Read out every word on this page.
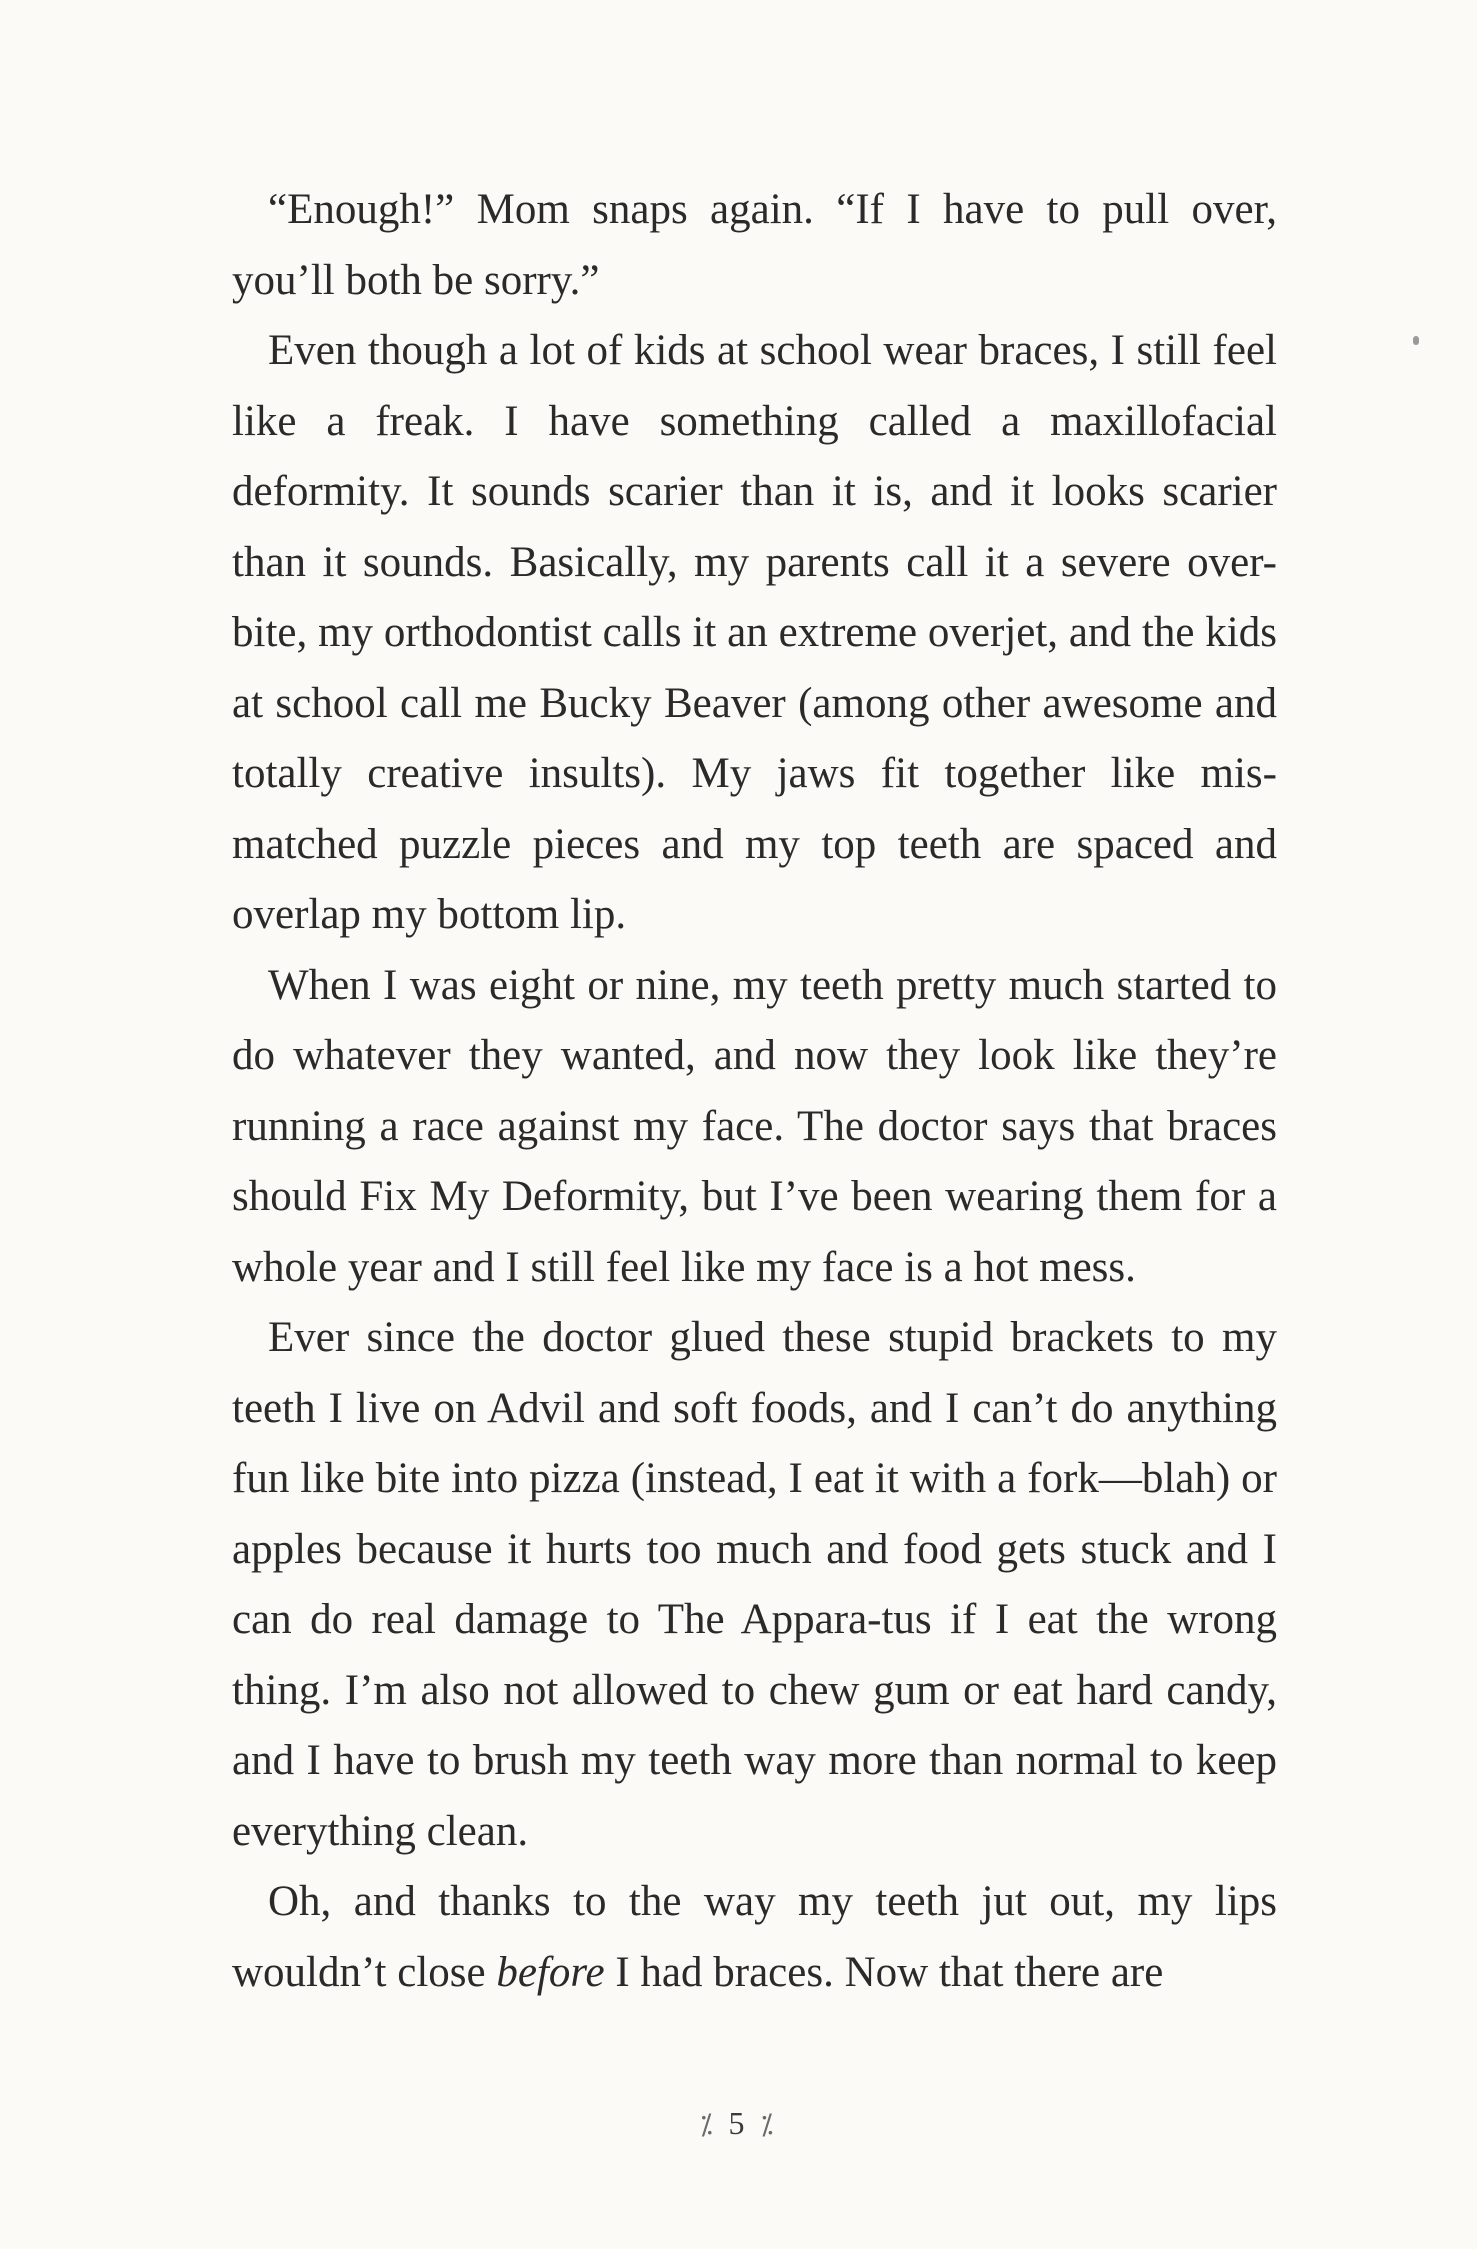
“Enough!” Mom snaps again. “If I have to pull over, you’ll both be sorry.”

Even though a lot of kids at school wear braces, I still feel like a freak. I have something called a maxillofacial deformity. It sounds scarier than it is, and it looks scarier than it sounds. Basically, my parents call it a severe over-bite, my orthodontist calls it an extreme overjet, and the kids at school call me Bucky Beaver (among other awesome and totally creative insults). My jaws fit together like mis-matched puzzle pieces and my top teeth are spaced and overlap my bottom lip.

When I was eight or nine, my teeth pretty much started to do whatever they wanted, and now they look like they’re running a race against my face. The doctor says that braces should Fix My Deformity, but I’ve been wearing them for a whole year and I still feel like my face is a hot mess.

Ever since the doctor glued these stupid brackets to my teeth I live on Advil and soft foods, and I can’t do anything fun like bite into pizza (instead, I eat it with a fork—blah) or apples because it hurts too much and food gets stuck and I can do real damage to The Appara-tus if I eat the wrong thing. I’m also not allowed to chew gum or eat hard candy, and I have to brush my teeth way more than normal to keep everything clean.

Oh, and thanks to the way my teeth jut out, my lips wouldn’t close before I had braces. Now that there are

⁒ 5 ⁒
